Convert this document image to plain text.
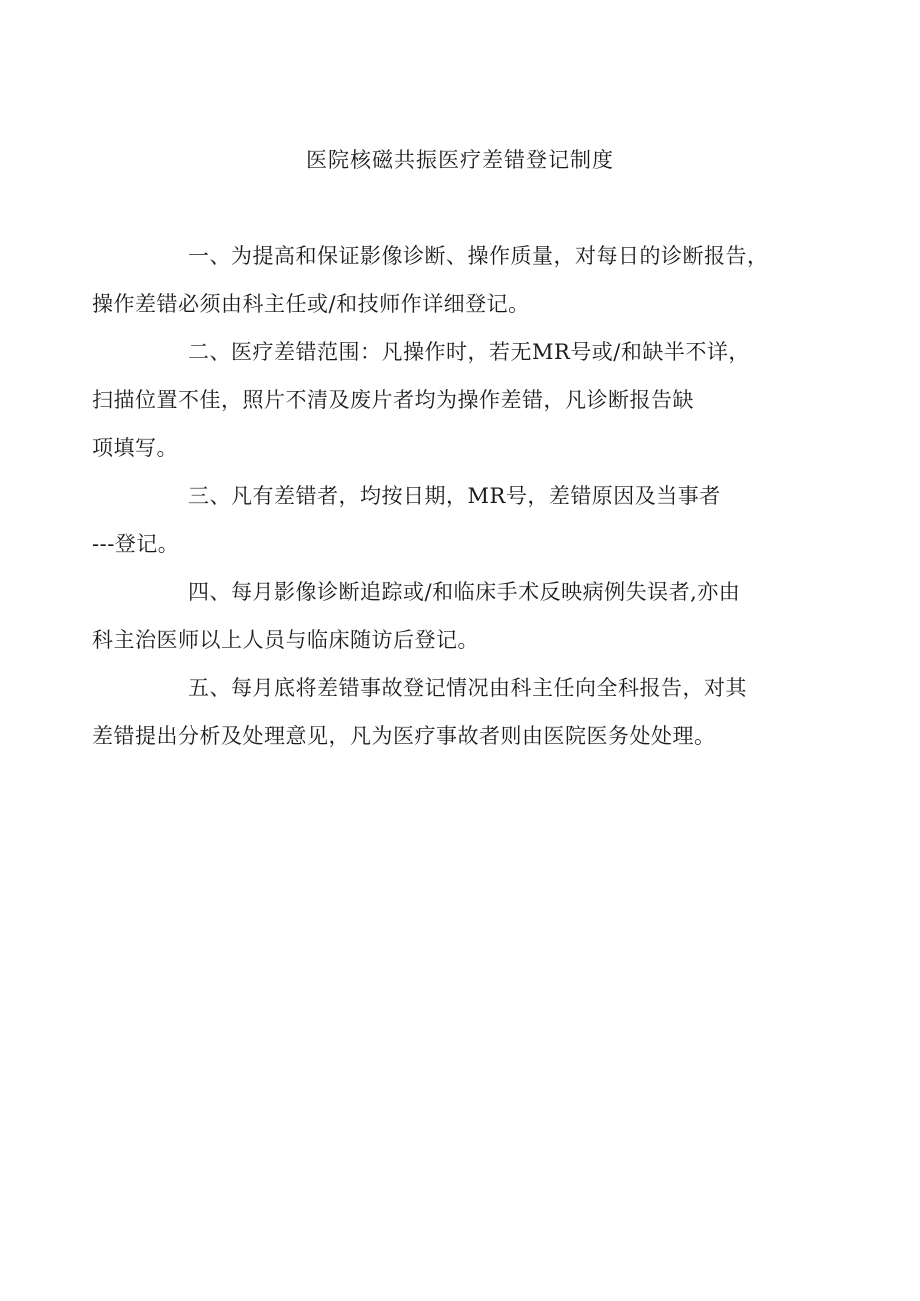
医院核磁共振医疗差错登记制度

一、为提高和保证影像诊断、操作质量，对每日的诊断报告，
操作差错必须由科主任或/和技师作详细登记。

二、医疗差错范围：凡操作时，若无MR号或/和缺半不详，
扫描位置不佳，照片不清及废片者均为操作差错，凡诊断报告缺
项填写。

三、凡有差错者，均按日期，MR号，差错原因及当事者
---登记。

四、每月影像诊断追踪或/和临床手术反映病例失误者,亦由
科主治医师以上人员与临床随访后登记。

五、每月底将差错事故登记情况由科主任向全科报告，对其
差错提出分析及处理意见，凡为医疗事故者则由医院医务处处理。
